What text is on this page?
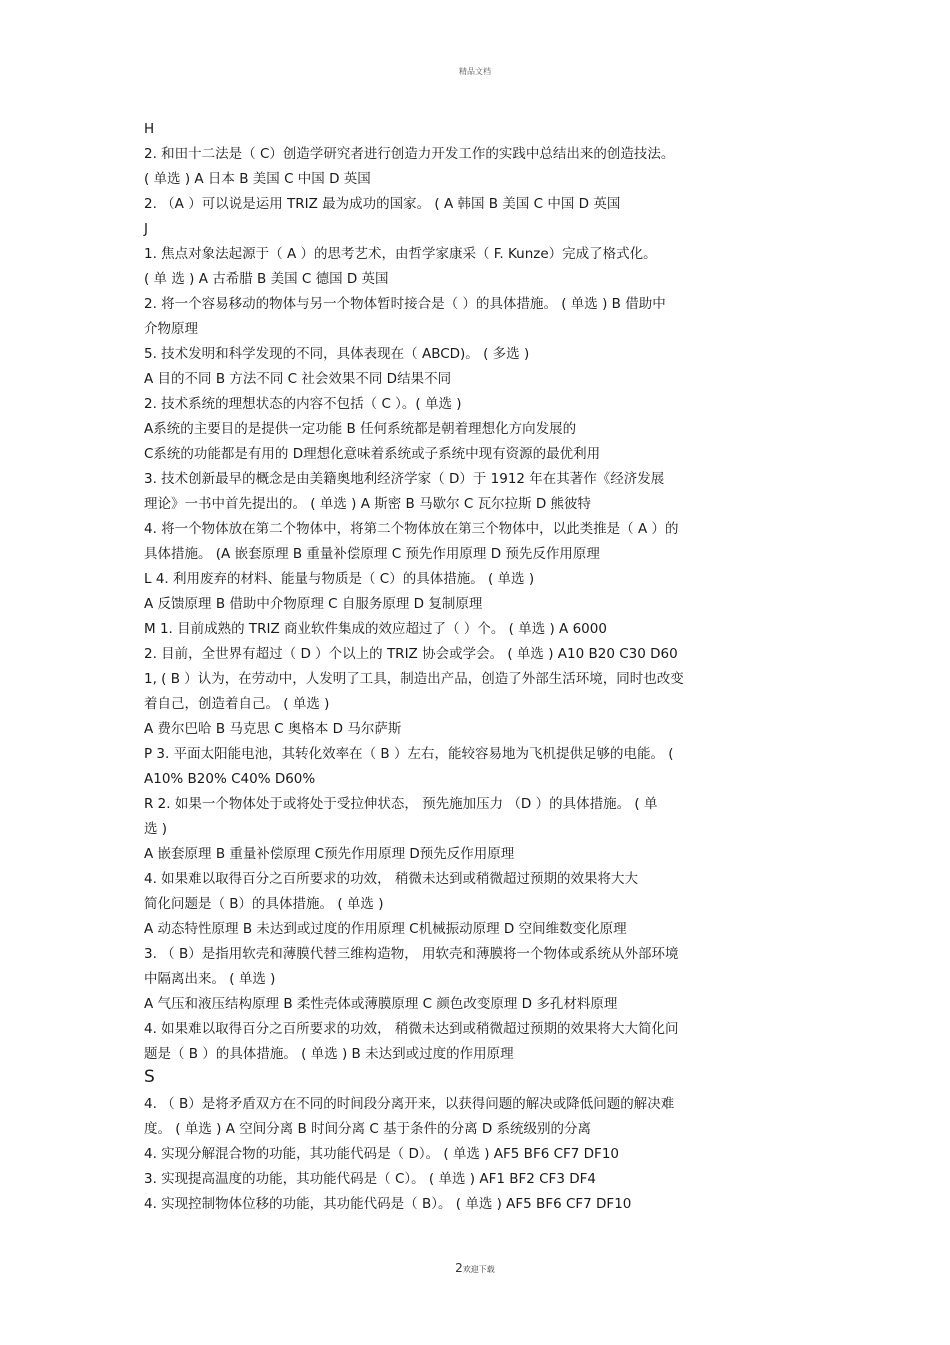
精品文档
H
2. 和田十二法是（ C）创造学研究者进行创造力开发工作的实践中总结出来的创造技法。
( 单选 ) A 日本 B 美国 C 中国 D 英国
2. （A ）可以说是运用 TRIZ 最为成功的国家。 ( A 韩国 B 美国 C 中国 D 英国
J
1. 焦点对象法起源于（ A ）的思考艺术，由哲学家康采（ F. Kunze）完成了格式化。
( 单 选 ) A 古希腊 B 美国 C 德国 D 英国
2. 将一个容易移动的物体与另一个物体暂时接合是（ ）的具体措施。 ( 单选 ) B 借助中
介物原理
5. 技术发明和科学发现的不同，具体表现在（ ABCD)。 ( 多选 )
A 目的不同 B 方法不同 C 社会效果不同 D结果不同
2. 技术系统的理想状态的内容不包括（ C ）。( 单选 )
A系统的主要目的是提供一定功能 B 任何系统都是朝着理想化方向发展的
C系统的功能都是有用的 D理想化意味着系统或子系统中现有资源的最优利用
3. 技术创新最早的概念是由美籍奥地利经济学家（ D）于 1912 年在其著作《经济发展
理论》一书中首先提出的。 ( 单选 ) A 斯密 B 马歇尔 C 瓦尔拉斯 D 熊彼特
4. 将一个物体放在第二个物体中，将第二个物体放在第三个物体中，以此类推是（ A ）的
具体措施。 (A 嵌套原理 B 重量补偿原理 C 预先作用原理 D 预先反作用原理
L 4. 利用废弃的材料、能量与物质是（ C）的具体措施。 ( 单选 )
A 反馈原理 B 借助中介物原理 C 自服务原理 D 复制原理
M 1. 目前成熟的 TRIZ 商业软件集成的效应超过了（ ）个。 ( 单选 ) A 6000
2. 目前，全世界有超过（ D ）个以上的 TRIZ 协会或学会。 ( 单选 ) A10 B20 C30 D60
1, ( B ）认为，在劳动中，人发明了工具，制造出产品，创造了外部生活环境，同时也改变
着自己，创造着自己。 ( 单选 )
A 费尔巴哈 B 马克思 C 奥格本 D 马尔萨斯
P 3. 平面太阳能电池，其转化效率在（ B ）左右，能较容易地为飞机提供足够的电能。 (
A10% B20% C40% D60%
R 2. 如果一个物体处于或将处于受拉伸状态， 预先施加压力 （D ）的具体措施。 ( 单
选 )
A 嵌套原理 B 重量补偿原理 C预先作用原理 D预先反作用原理
4. 如果难以取得百分之百所要求的功效， 稍微未达到或稍微超过预期的效果将大大
简化问题是（ B）的具体措施。 ( 单选 )
A 动态特性原理 B 未达到或过度的作用原理 C机械振动原理 D 空间维数变化原理
3. （ B）是指用软壳和薄膜代替三维构造物， 用软壳和薄膜将一个物体或系统从外部环境
中隔离出来。 ( 单选 )
A 气压和液压结构原理 B 柔性壳体或薄膜原理 C 颜色改变原理 D 多孔材料原理
4. 如果难以取得百分之百所要求的功效， 稍微未达到或稍微超过预期的效果将大大简化问
题是（ B ）的具体措施。 ( 单选 ) B 未达到或过度的作用原理
S
4. （ B）是将矛盾双方在不同的时间段分离开来，以获得问题的解决或降低问题的解决难
度。 ( 单选 ) A 空间分离 B 时间分离 C 基于条件的分离 D 系统级别的分离
4. 实现分解混合物的功能，其功能代码是（ D）。 ( 单选 ) AF5 BF6 CF7 DF10
3. 实现提高温度的功能，其功能代码是（ C）。 ( 单选 ) AF1 BF2 CF3 DF4
4. 实现控制物体位移的功能，其功能代码是（ B）。 ( 单选 ) AF5 BF6 CF7 DF10
2欢迎下载
